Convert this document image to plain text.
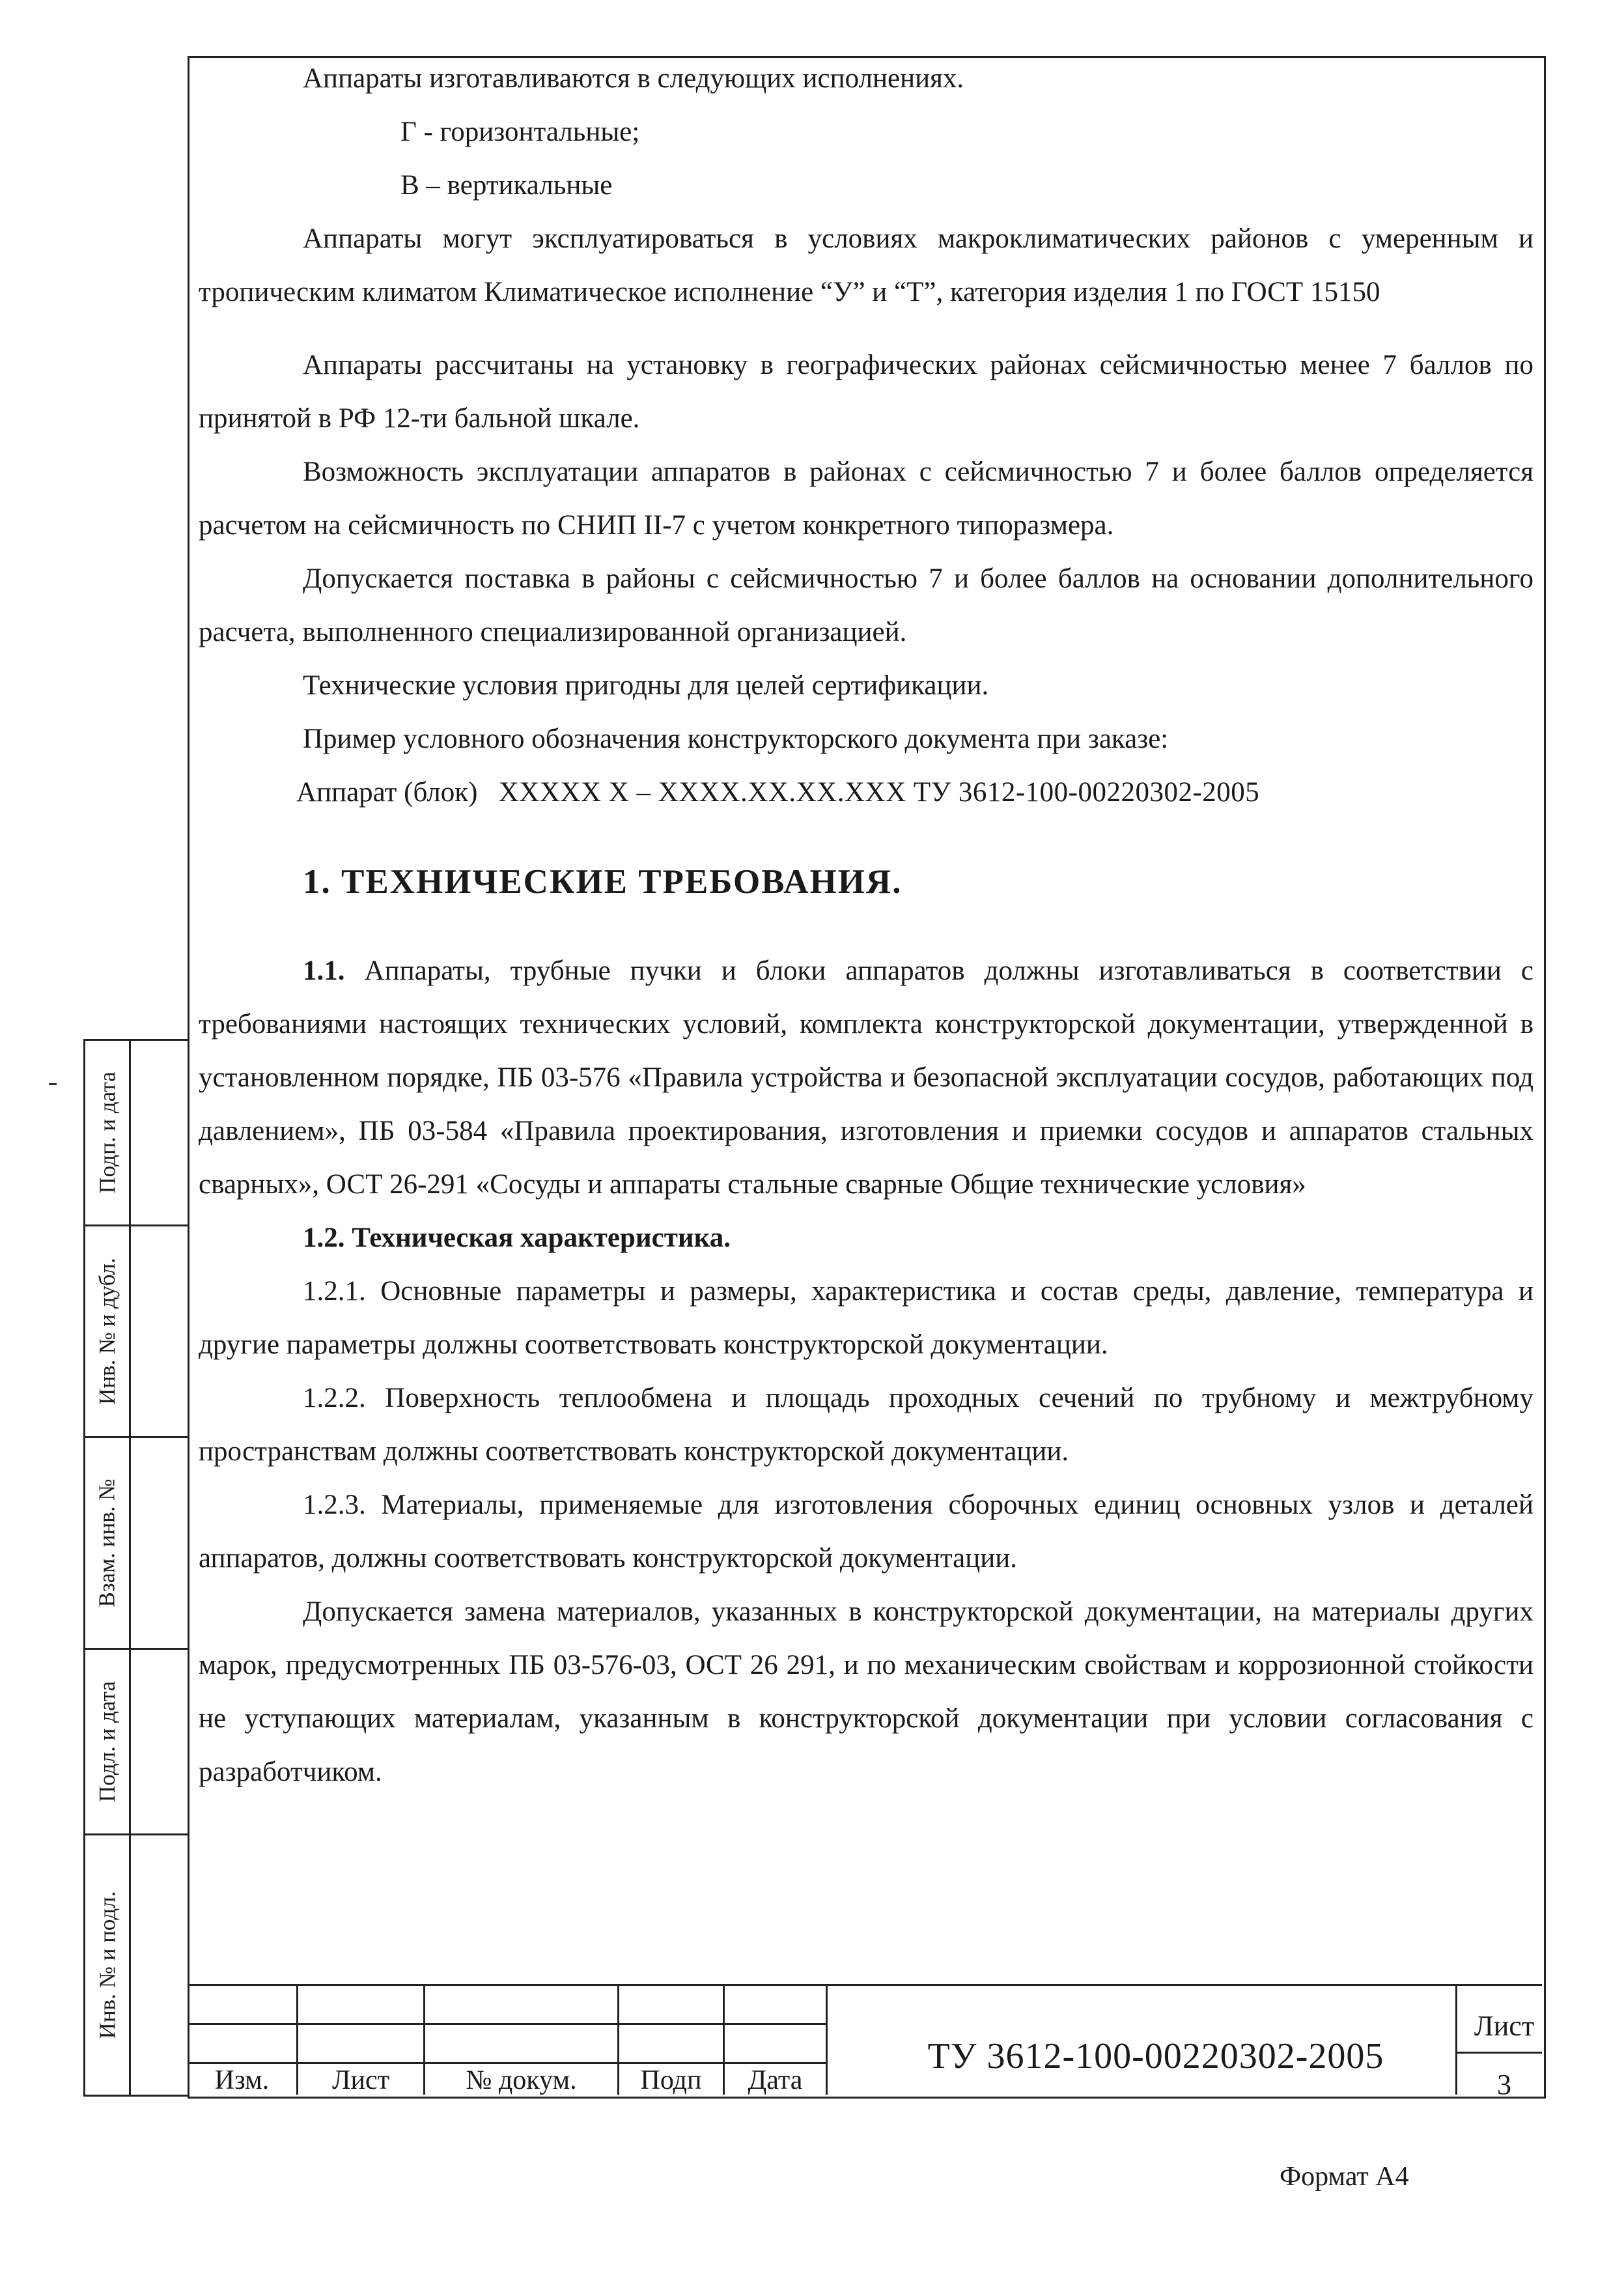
Подп. и дата
Инв. № и дубл.
Взам. инв. №
Подл. и дата
Инв. № и подл.

Аппараты изготавливаются в следующих исполнениях.

Г - горизонтальные;

В – вертикальные

Аппараты могут эксплуатироваться в условиях макроклиматических районов с умеренным и тропическим климатом Климатическое исполнение “У” и “Т”, категория изделия 1 по ГОСТ 15150

Аппараты рассчитаны на установку в географических районах сейсмичностью менее 7 баллов по принятой в РФ 12-ти бальной шкале.

Возможность эксплуатации аппаратов в районах с сейсмичностью 7 и более баллов определяется расчетом на сейсмичность по СНИП II-7 с учетом конкретного типоразмера.

Допускается поставка в районы с сейсмичностью 7 и более баллов на основании дополнительного расчета, выполненного специализированной организацией.

Технические условия пригодны для целей сертификации.

Пример условного обозначения конструкторского документа при заказе:

Аппарат (блок) XXXXX X – XXXX.XX.XX.XXX ТУ 3612-100-00220302-2005

1. ТЕХНИЧЕСКИЕ ТРЕБОВАНИЯ.

1.1. Аппараты, трубные пучки и блоки аппаратов должны изготавливаться в соответствии с требованиями настоящих технических условий, комплекта конструкторской документации, утвержденной в установленном порядке, ПБ 03-576 «Правила устройства и безопасной эксплуатации сосудов, работающих под давлением», ПБ 03-584 «Правила проектирования, изготовления и приемки сосудов и аппаратов стальных сварных», ОСТ 26-291 «Сосуды и аппараты стальные сварные Общие технические условия»

1.2. Техническая характеристика.

1.2.1. Основные параметры и размеры, характеристика и состав среды, давление, температура и другие параметры должны соответствовать конструкторской документации.

1.2.2. Поверхность теплообмена и площадь проходных сечений по трубному и межтрубному пространствам должны соответствовать конструкторской документации.

1.2.3. Материалы, применяемые для изготовления сборочных единиц основных узлов и деталей аппаратов, должны соответствовать конструкторской документации.

Допускается замена материалов, указанных в конструкторской документации, на материалы других марок, предусмотренных ПБ 03-576-03, ОСТ 26 291, и по механическим свойствам и коррозионной стойкости не уступающих материалам, указанным в конструкторской документации при условии согласования с разработчиком.

Изм.	Лист	№ докум.	Подп	Дата
ТУ 3612-100-00220302-2005
Лист
3
Формат А4
